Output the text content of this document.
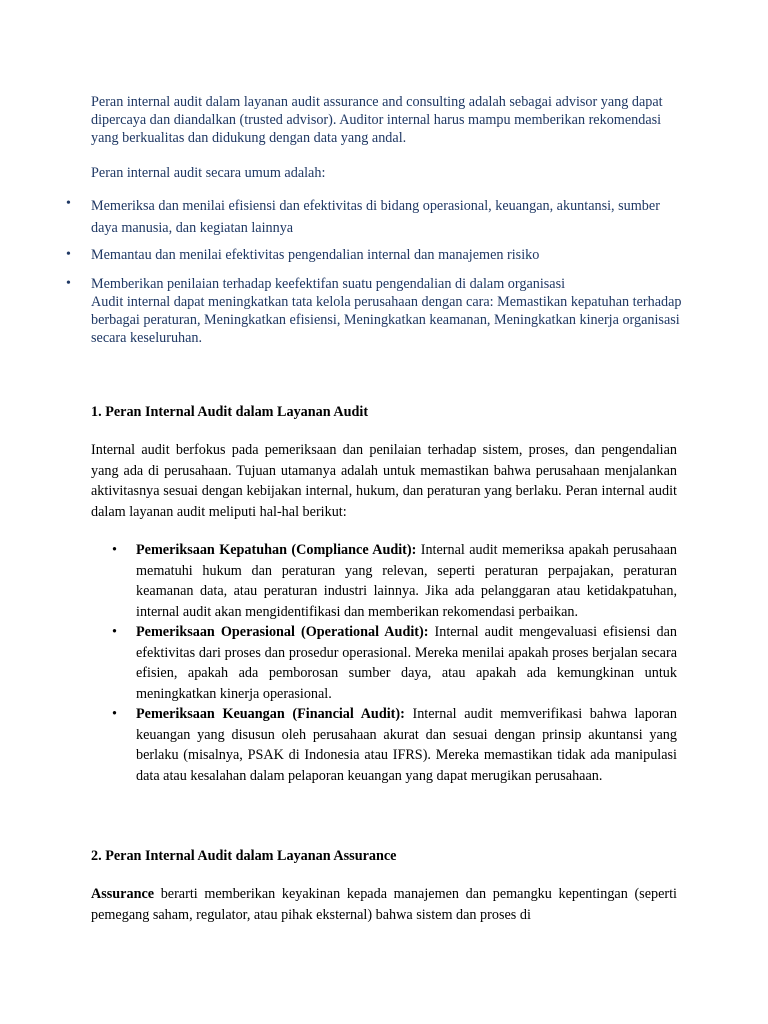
Peran internal audit dalam layanan audit assurance and consulting adalah sebagai advisor yang dapat dipercaya dan diandalkan (trusted advisor). Auditor internal harus mampu memberikan rekomendasi yang berkualitas dan didukung dengan data yang andal.
Peran internal audit secara umum adalah:
•	Memeriksa dan menilai efisiensi dan efektivitas di bidang operasional, keuangan, akuntansi, sumber daya manusia, dan kegiatan lainnya
•	Memantau dan menilai efektivitas pengendalian internal dan manajemen risiko
•	Memberikan penilaian terhadap keefektifan suatu pengendalian di dalam organisasi
Audit internal dapat meningkatkan tata kelola perusahaan dengan cara: Memastikan kepatuhan terhadap berbagai peraturan, Meningkatkan efisiensi, Meningkatkan keamanan, Meningkatkan kinerja organisasi secara keseluruhan.
1. Peran Internal Audit dalam Layanan Audit
Internal audit berfokus pada pemeriksaan dan penilaian terhadap sistem, proses, dan pengendalian yang ada di perusahaan. Tujuan utamanya adalah untuk memastikan bahwa perusahaan menjalankan aktivitasnya sesuai dengan kebijakan internal, hukum, dan peraturan yang berlaku. Peran internal audit dalam layanan audit meliputi hal-hal berikut:
• Pemeriksaan Kepatuhan (Compliance Audit): Internal audit memeriksa apakah perusahaan mematuhi hukum dan peraturan yang relevan, seperti peraturan perpajakan, peraturan keamanan data, atau peraturan industri lainnya. Jika ada pelanggaran atau ketidakpatuhan, internal audit akan mengidentifikasi dan memberikan rekomendasi perbaikan.
• Pemeriksaan Operasional (Operational Audit): Internal audit mengevaluasi efisiensi dan efektivitas dari proses dan prosedur operasional. Mereka menilai apakah proses berjalan secara efisien, apakah ada pemborosan sumber daya, atau apakah ada kemungkinan untuk meningkatkan kinerja operasional.
• Pemeriksaan Keuangan (Financial Audit): Internal audit memverifikasi bahwa laporan keuangan yang disusun oleh perusahaan akurat dan sesuai dengan prinsip akuntansi yang berlaku (misalnya, PSAK di Indonesia atau IFRS). Mereka memastikan tidak ada manipulasi data atau kesalahan dalam pelaporan keuangan yang dapat merugikan perusahaan.
2. Peran Internal Audit dalam Layanan Assurance
Assurance berarti memberikan keyakinan kepada manajemen dan pemangku kepentingan (seperti pemegang saham, regulator, atau pihak eksternal) bahwa sistem dan proses di
